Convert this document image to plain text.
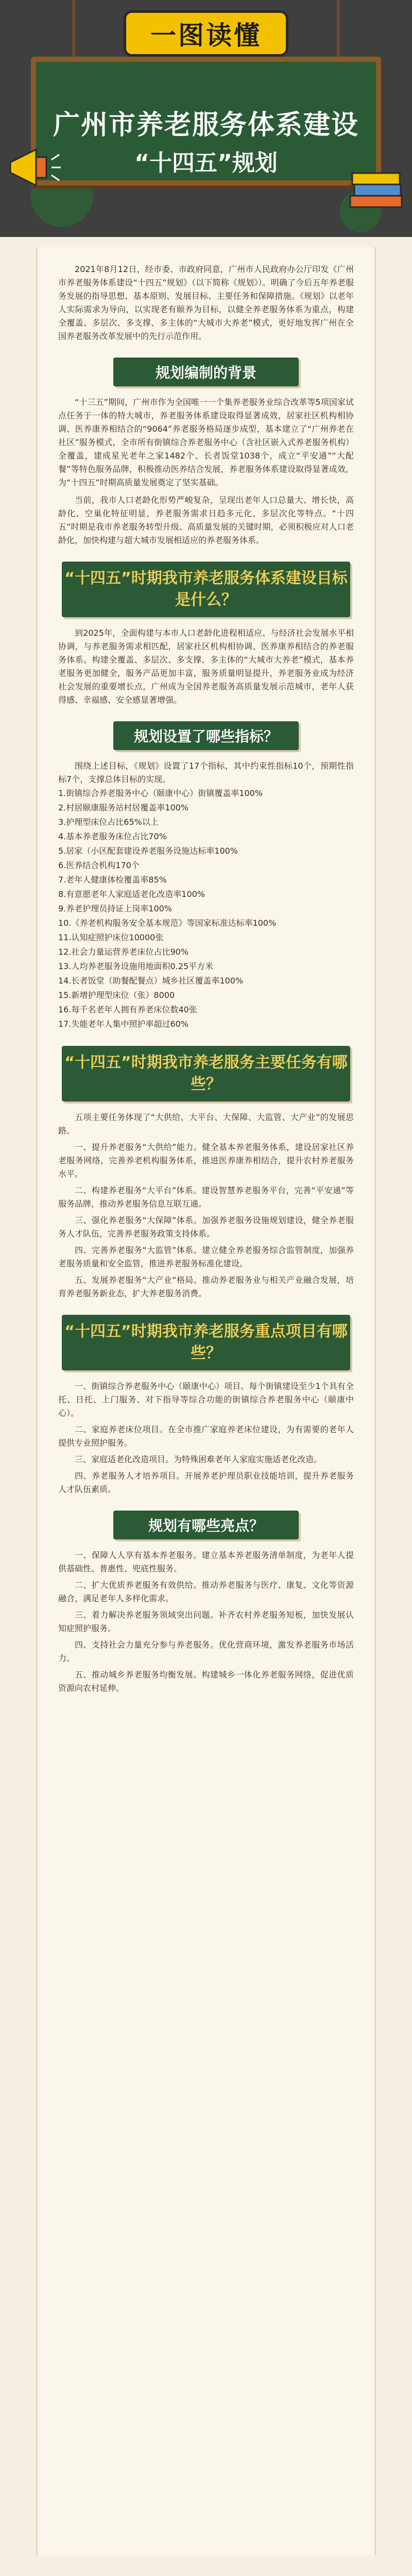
一图读懂
广州市养老服务体系建设
“十四五”规划

2021年8月12日，经市委、市政府同意，广州市人民政府办公厅印发《广州市养老服务体系建设“十四五”规划》（以下简称《规划》）。明确了今后五年养老服务发展的指导思想、基本原则、发展目标、主要任务和保障措施。《规划》以老年人实际需求为导向，以实现老有颐养为目标，以健全养老服务体系为重点，构建全覆盖、多层次、多支撑、多主体的“大城市大养老”模式，更好地发挥广州在全国养老服务改革发展中的先行示范作用。

规划编制的背景

“十三五”期间，广州市作为全国唯一一个集养老服务业综合改革等5项国家试点任务于一体的特大城市，养老服务体系建设取得显著成效，居家社区机构相协调、医养康养相结合的“9064”养老服务格局逐步成型，基本建立了“广州养老在社区”服务模式，全市所有街镇综合养老服务中心（含社区嵌入式养老服务机构）全覆盖，建成星光老年之家1482个、长者饭堂1038个，成立“平安通”“大配餐”等特色服务品牌，积极推动医养结合发展，养老服务体系建设取得显著成效，为“十四五”时期高质量发展奠定了坚实基础。

当前，我市人口老龄化形势严峻复杂，呈现出老年人口总量大、增长快，高龄化、空巢化特征明显，养老服务需求日趋多元化、多层次化等特点。“十四五”时期是我市养老服务转型升级、高质量发展的关键时期，必须积极应对人口老龄化，加快构建与超大城市发展相适应的养老服务体系。

“十四五”时期我市养老服务体系建设目标是什么？

到2025年，全面构建与本市人口老龄化进程相适应、与经济社会发展水平相协调，与养老服务需求相匹配，居家社区机构相协调、医养康养相结合的养老服务体系。构建全覆盖、多层次、多支撑、多主体的“大城市大养老”模式，基本养老服务更加健全，服务产品更加丰富，服务质量明显提升，养老服务业成为经济社会发展的重要增长点，广州成为全国养老服务高质量发展示范城市，老年人获得感、幸福感、安全感显著增强。

规划设置了哪些指标？

围绕上述目标，《规划》设置了17个指标，其中约束性指标10个，预期性指标7个，支撑总体目标的实现。

1.街镇综合养老服务中心（颐康中心）街镇覆盖率100%
2.村居颐康服务站村居覆盖率100%
3.护理型床位占比65%以上
4.基本养老服务床位占比70%
5.居家（小区配套建设养老服务设施达标率100%
6.医养结合机构170个
7.老年人健康体检覆盖率85%
8.有意愿老年人家庭适老化改造率100%
9.养老护理员持证上岗率100%
10.《养老机构服务安全基本规范》等国家标准达标率100%
11.认知症照护床位10000张
12.社会力量运营养老床位占比90%
13.人均养老服务设施用地面积0.25平方米
14.长者饭堂（助餐配餐点）城乡社区覆盖率100%
15.新增护理型床位（张）8000
16.每千名老年人拥有养老床位数40张
17.失能老年人集中照护率超过60%
“十四五”时期我市养老服务主要任务有哪些？

五项主要任务体现了“大供给、大平台、大保障、大监管、大产业”的发展思路。

一、提升养老服务“大供给”能力。健全基本养老服务体系，建设居家社区养老服务网络，完善养老机构服务体系，推进医养康养相结合，提升农村养老服务水平。

二、构建养老服务“大平台”体系。建设智慧养老服务平台，完善“平安通”等服务品牌，推动养老服务信息互联互通。

三、强化养老服务“大保障”体系。加强养老服务设施规划建设，健全养老服务人才队伍，完善养老服务政策支持体系。

四、完善养老服务“大监管”体系。建立健全养老服务综合监管制度，加强养老服务质量和安全监管，推进养老服务标准化建设。

五、发展养老服务“大产业”格局。推动养老服务业与相关产业融合发展，培育养老服务新业态，扩大养老服务消费。

“十四五”时期我市养老服务重点项目有哪些？

一、街镇综合养老服务中心（颐康中心）项目。每个街镇建设至少1个具有全托、日托、上门服务、对下指导等综合功能的街镇综合养老服务中心（颐康中心）。

二、家庭养老床位项目。在全市推广家庭养老床位建设，为有需要的老年人提供专业照护服务。

三、家庭适老化改造项目。为特殊困难老年人家庭实施适老化改造。

四、养老服务人才培养项目。开展养老护理员职业技能培训，提升养老服务人才队伍素质。

规划有哪些亮点？

一、保障人人享有基本养老服务。建立基本养老服务清单制度，为老年人提供基础性、普惠性、兜底性服务。

二、扩大优质养老服务有效供给。推动养老服务与医疗、康复、文化等资源融合，满足老年人多样化需求。

三、着力解决养老服务领域突出问题。补齐农村养老服务短板，加快发展认知症照护服务。

四、支持社会力量充分参与养老服务。优化营商环境，激发养老服务市场活力。

五、推动城乡养老服务均衡发展。构建城乡一体化养老服务网络，促进优质资源向农村延伸。
